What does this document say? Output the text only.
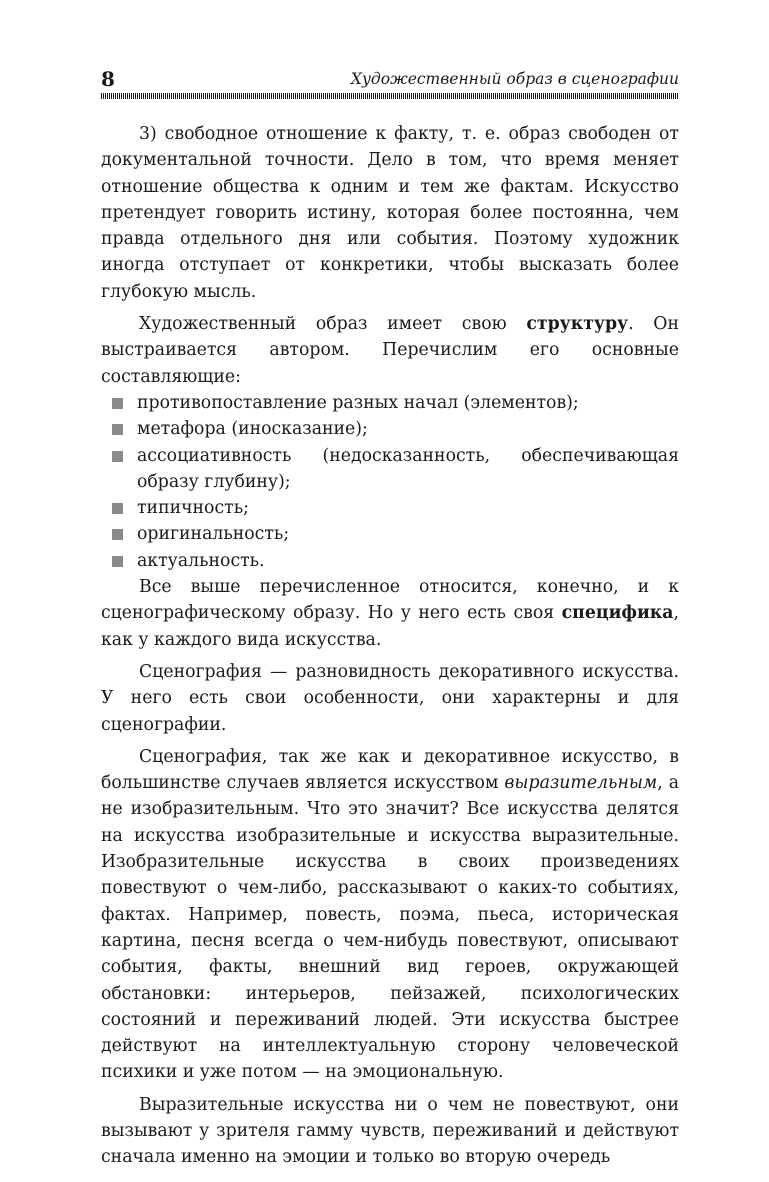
8	Художественный образ в сценографии

3) свободное отношение к факту, т. е. образ свободен от документальной точности. Дело в том, что время меняет отношение общества к одним и тем же фактам. Искусство претендует говорить истину, которая более постоянна, чем правда отдельного дня или события. Поэтому художник иногда отступает от конкретики, чтобы высказать более глубокую мысль.

Художественный образ имеет свою структуру. Он выстраивается автором. Перечислим его основные составляющие:

противопоставление разных начал (элементов);
метафора (иносказание);
ассоциативность (недосказанность, обеспечивающая образу глубину);
типичность;
оригинальность;
актуальность.

Все выше перечисленное относится, конечно, и к сценографическому образу. Но у него есть своя специфика, как у каждого вида искусства.

Сценография — разновидность декоративного искусства. У него есть свои особенности, они характерны и для сценографии.

Сценография, так же как и декоративное искусство, в большинстве случаев является искусством выразительным, а не изобразительным. Что это значит? Все искусства делятся на искусства изобразительные и искусства выразительные. Изобразительные искусства в своих произведениях повествуют о чем-либо, рассказывают о каких-то событиях, фактах. Например, повесть, поэма, пьеса, историческая картина, песня всегда о чем-нибудь повествуют, описывают события, факты, внешний вид героев, окружающей обстановки: интерьеров, пейзажей, психологических состояний и переживаний людей. Эти искусства быстрее действуют на интеллектуальную сторону человеческой психики и уже потом — на эмоциональную.

Выразительные искусства ни о чем не повествуют, они вызывают у зрителя гамму чувств, переживаний и действуют сначала именно на эмоции и только во вторую очередь
